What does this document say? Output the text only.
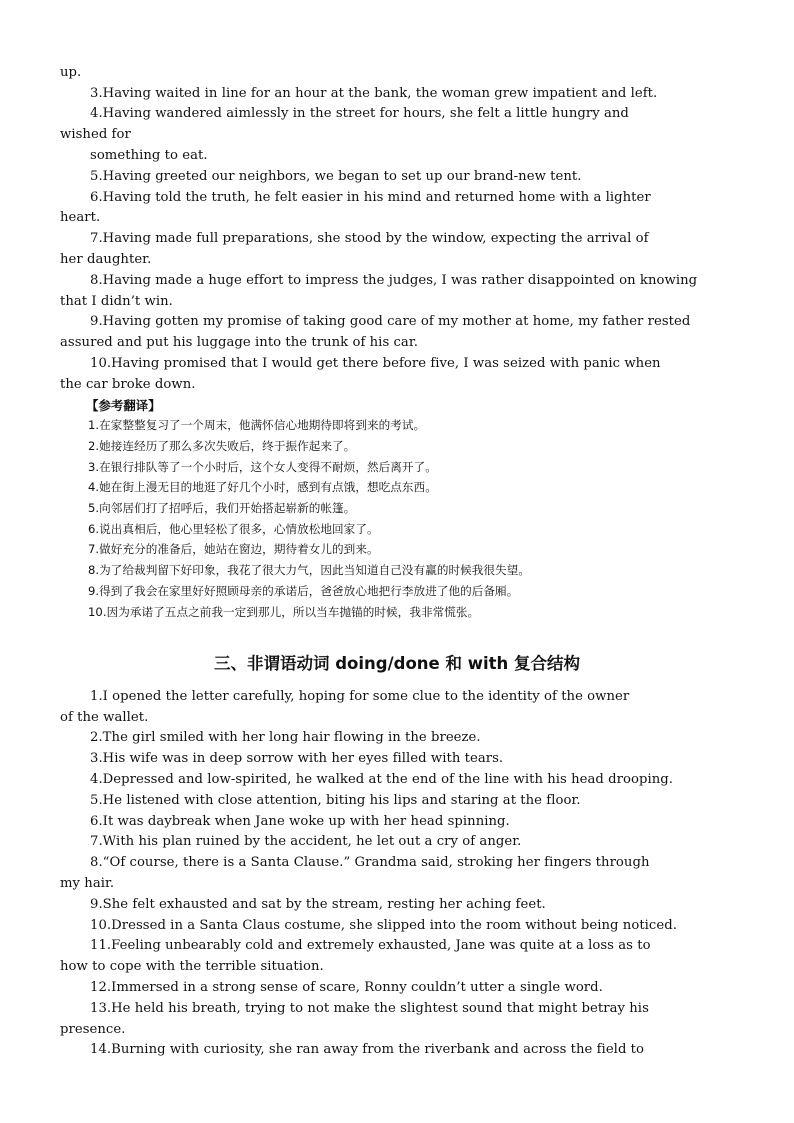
up.
3.Having waited in line for an hour at the bank, the woman grew impatient and left.
4.Having wandered aimlessly in the street for hours, she felt a little hungry and
wished for
something to eat.
5.Having greeted our neighbors, we began to set up our brand-new tent.
6.Having told the truth, he felt easier in his mind and returned home with a lighter
heart.
7.Having made full preparations, she stood by the window, expecting the arrival of
her daughter.
8.Having made a huge effort to impress the judges, I was rather disappointed on knowing
that I didn’t win.
9.Having gotten my promise of taking good care of my mother at home, my father rested
assured and put his luggage into the trunk of his car.
10.Having promised that I would get there before five, I was seized with panic when
the car broke down.
【参考翻译】
1.在家整整复习了一个周末，他满怀信心地期待即将到来的考试。
2.她接连经历了那么多次失败后，终于振作起来了。
3.在银行排队等了一个小时后，这个女人变得不耐烦，然后离开了。
4.她在街上漫无目的地逛了好几个小时，感到有点饿，想吃点东西。
5.向邻居们打了招呼后，我们开始搭起崭新的帐篷。
6.说出真相后，他心里轻松了很多，心情放松地回家了。
7.做好充分的准备后，她站在窗边，期待着女儿的到来。
8.为了给裁判留下好印象，我花了很大力气，因此当知道自己没有赢的时候我很失望。
9.得到了我会在家里好好照顾母亲的承诺后，爸爸放心地把行李放进了他的后备厢。
10.因为承诺了五点之前我一定到那儿，所以当车抛锚的时候，我非常慌张。
三、非谓语动词 doing/done 和 with 复合结构
1.I opened the letter carefully, hoping for some clue to the identity of the owner
of the wallet.
2.The girl smiled with her long hair flowing in the breeze.
3.His wife was in deep sorrow with her eyes filled with tears.
4.Depressed and low-spirited, he walked at the end of the line with his head drooping.
5.He listened with close attention, biting his lips and staring at the floor.
6.It was daybreak when Jane woke up with her head spinning.
7.With his plan ruined by the accident, he let out a cry of anger.
8.“Of course, there is a Santa Clause.” Grandma said, stroking her fingers through
my hair.
9.She felt exhausted and sat by the stream, resting her aching feet.
10.Dressed in a Santa Claus costume, she slipped into the room without being noticed.
11.Feeling unbearably cold and extremely exhausted, Jane was quite at a loss as to
how to cope with the terrible situation.
12.Immersed in a strong sense of scare, Ronny couldn’t utter a single word.
13.He held his breath, trying to not make the slightest sound that might betray his
presence.
14.Burning with curiosity, she ran away from the riverbank and across the field to
